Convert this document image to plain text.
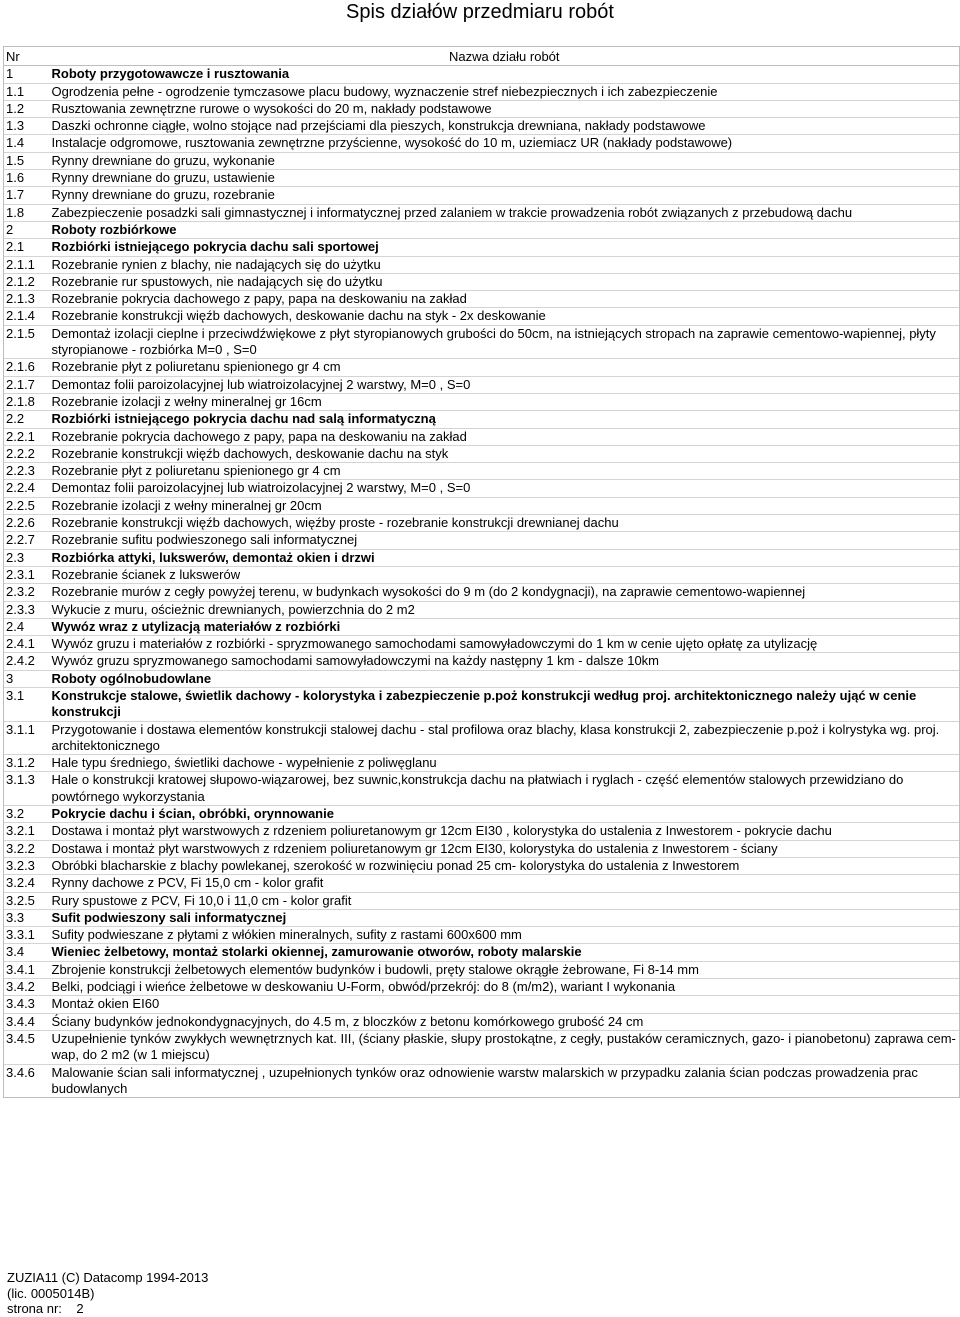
Spis działów przedmiaru robót
Nr	Nazwa działu robót
1	Roboty przygotowawcze i rusztowania
1.1	Ogrodzenia pełne - ogrodzenie tymczasowe placu budowy, wyznaczenie stref niebezpiecznych i ich zabezpieczenie
1.2	Rusztowania zewnętrzne rurowe o wysokości do 20 m, nakłady podstawowe
1.3	Daszki ochronne ciągłe, wolno stojące nad przejściami dla pieszych, konstrukcja drewniana, nakłady podstawowe
1.4	Instalacje odgromowe, rusztowania zewnętrzne przyścienne, wysokość do 10 m, uziemiacz UR (nakłady podstawowe)
1.5	Rynny drewniane do gruzu, wykonanie
1.6	Rynny drewniane do gruzu, ustawienie
1.7	Rynny drewniane do gruzu, rozebranie
1.8	Zabezpieczenie posadzki sali gimnastycznej i informatycznej przed zalaniem w trakcie prowadzenia robót związanych z przebudową dachu
2	Roboty rozbiórkowe
2.1	Rozbiórki istniejącego pokrycia dachu sali sportowej
2.1.1	Rozebranie rynien z blachy, nie nadających się do użytku
2.1.2	Rozebranie rur spustowych, nie nadających się do użytku
2.1.3	Rozebranie pokrycia dachowego z papy, papa na deskowaniu na zakład
2.1.4	Rozebranie konstrukcji więźb dachowych, deskowanie dachu na styk - 2x deskowanie
2.1.5	Demontaż izolacji cieplne i przeciwdźwiękowe z płyt styropianowych grubości do 50cm, na istniejących stropach na zaprawie cementowo-wapiennej, płyty styropianowe - rozbiórka M=0 , S=0
2.1.6	Rozebranie płyt z poliuretanu spienionego gr 4 cm
2.1.7	Demontaz folii paroizolacyjnej lub wiatroizolacyjnej 2 warstwy, M=0 , S=0
2.1.8	Rozebranie izolacji z wełny mineralnej gr 16cm
2.2	Rozbiórki istniejącego pokrycia dachu nad salą informatyczną
2.2.1	Rozebranie pokrycia dachowego z papy, papa na deskowaniu na zakład
2.2.2	Rozebranie konstrukcji więźb dachowych, deskowanie dachu na styk
2.2.3	Rozebranie płyt z poliuretanu spienionego gr 4 cm
2.2.4	Demontaz folii paroizolacyjnej lub wiatroizolacyjnej 2 warstwy, M=0 , S=0
2.2.5	Rozebranie izolacji z wełny mineralnej gr 20cm
2.2.6	Rozebranie konstrukcji więźb dachowych, więźby proste - rozebranie konstrukcji drewnianej dachu
2.2.7	Rozebranie sufitu podwieszonego sali informatycznej
2.3	Rozbiórka attyki, lukswerów, demontaż okien i drzwi
2.3.1	Rozebranie ścianek z lukswerów
2.3.2	Rozebranie murów z cegły powyżej terenu, w budynkach wysokości do 9 m (do 2 kondygnacji), na zaprawie cementowo-wapiennej
2.3.3	Wykucie z muru, ościeżnic drewnianych, powierzchnia do 2 m2
2.4	Wywóz wraz z utylizacją materiałów z rozbiórki
2.4.1	Wywóz gruzu i materiałów z rozbiórki - spryzmowanego samochodami samowyładowczymi do 1 km w cenie ujęto opłatę za utylizację
2.4.2	Wywóz gruzu spryzmowanego samochodami samowyładowczymi na każdy następny 1 km - dalsze 10km
3	Roboty ogólnobudowlane
3.1	Konstrukcje stalowe, świetlik dachowy - kolorystyka i zabezpieczenie p.poż konstrukcji według proj. architektonicznego należy ująć w cenie konstrukcji
3.1.1	Przygotowanie i dostawa elementów konstrukcji stalowej dachu - stal profilowa oraz blachy, klasa konstrukcji 2, zabezpieczenie p.poż i kolrystyka wg. proj. architektonicznego
3.1.2	Hale typu średniego, świetliki dachowe - wypełnienie z poliwęglanu
3.1.3	Hale o konstrukcji kratowej słupowo-wiązarowej, bez suwnic,konstrukcja dachu na płatwiach i ryglach - część elementów stalowych przewidziano do powtórnego wykorzystania
3.2	Pokrycie dachu i ścian, obróbki, orynnowanie
3.2.1	Dostawa i montaż płyt warstwowych z rdzeniem poliuretanowym gr 12cm EI30 , kolorystyka do ustalenia z Inwestorem - pokrycie dachu
3.2.2	Dostawa i montaż płyt warstwowych z rdzeniem poliuretanowym gr 12cm EI30, kolorystyka do ustalenia z Inwestorem - ściany
3.2.3	Obróbki blacharskie z blachy powlekanej, szerokość w rozwinięciu ponad 25 cm- kolorystyka do ustalenia z Inwestorem
3.2.4	Rynny dachowe z PCV, Fi 15,0 cm - kolor grafit
3.2.5	Rury spustowe z PCV, Fi 10,0 i 11,0 cm - kolor grafit
3.3	Sufit podwieszony sali informatycznej
3.3.1	Sufity podwieszane z płytami z włókien mineralnych, sufity z rastami 600x600 mm
3.4	Wieniec żelbetowy, montaż stolarki okiennej, zamurowanie otworów, roboty malarskie
3.4.1	Zbrojenie konstrukcji żelbetowych elementów budynków i budowli, pręty stalowe okrągłe żebrowane, Fi 8-14 mm
3.4.2	Belki, podciągi i wieńce żelbetowe w deskowaniu U-Form, obwód/przekrój: do 8 (m/m2), wariant I wykonania
3.4.3	Montaż okien EI60
3.4.4	Ściany budynków jednokondygnacyjnych, do 4.5 m, z bloczków z betonu komórkowego grubość 24 cm
3.4.5	Uzupełnienie tynków zwykłych wewnętrznych kat. III, (ściany płaskie, słupy prostokątne, z cegły, pustaków ceramicznych, gazo- i pianobetonu) zaprawa cem-wap, do 2 m2 (w 1 miejscu)
3.4.6	Malowanie ścian sali informatycznej , uzupełnionych tynków oraz odnowienie warstw malarskich w przypadku zalania ścian podczas prowadzenia prac budowlanych
ZUZIA11 (C) Datacomp 1994-2013
(lic. 0005014B)
strona nr: 2
